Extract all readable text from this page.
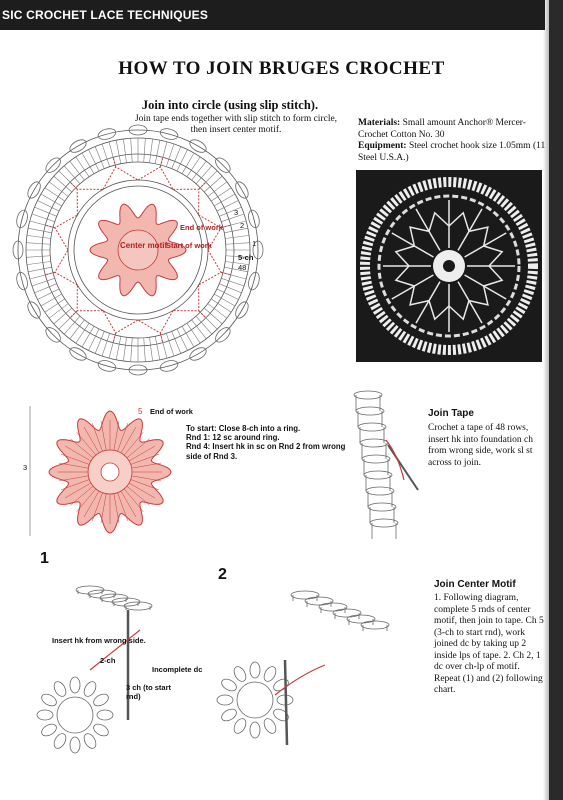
SIC CROCHET LACE TECHNIQUES
HOW TO JOIN BRUGES CROCHET
Join into circle (using slip stitch).
Join tape ends together with slip stitch to form circle, then insert center motif.
Materials: Small amount Anchor® Mercer-Crochet Cotton No. 30
Equipment: Steel crochet hook size 1.05mm (11 Steel U.S.A.)
Center motif
Start of work
End of work
5-ch
3
2
1
48
5 End of work
3
To start: Close 8-ch into a ring.
Rnd 1: 12 sc around ring.
Rnd 4: Insert hk in sc on Rnd 2 from wrong side of Rnd 3.
Join Tape
Crochet a tape of 48 rows, insert hk into foundation ch from wrong side, work sl st across to join.
1
Insert hk from wrong side.
2-ch
Incomplete dc
3 ch (to start rnd)
2
Join Center Motif
1. Following diagram, complete 5 rnds of center motif, then join to tape. Ch 5 (3-ch to start rnd), work joined dc by taking up 2 inside lps of tape. 2. Ch 2, 1 dc over ch-lp of motif. Repeat (1) and (2) following chart.
